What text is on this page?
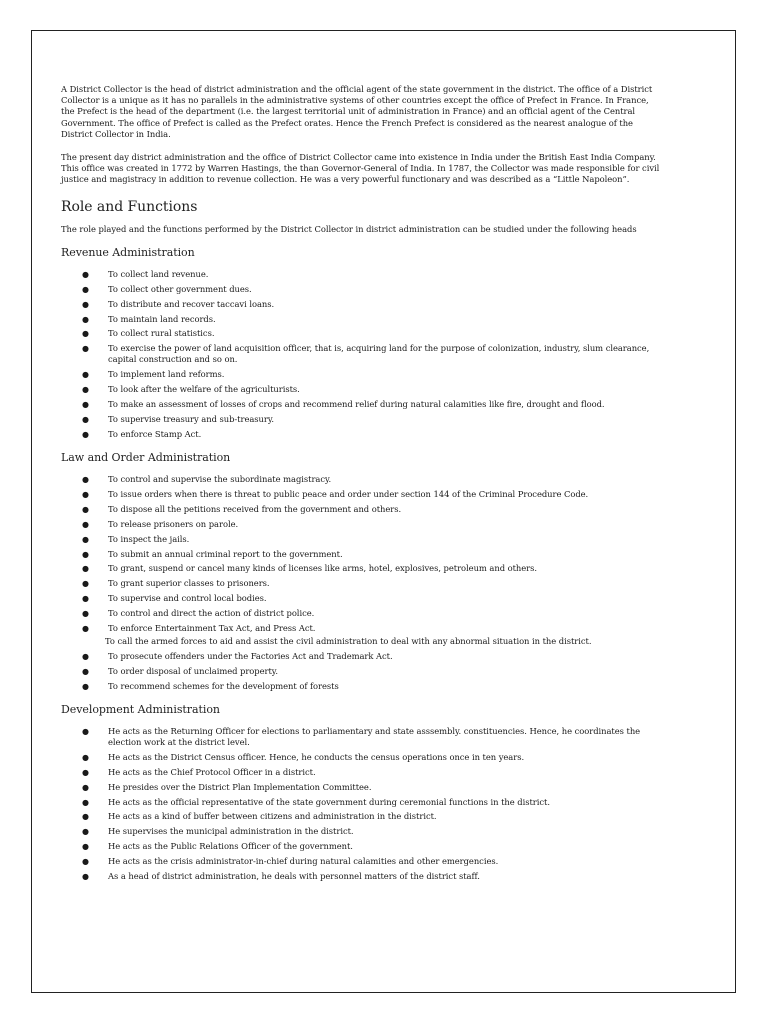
A District Collector is the head of district administration and the official agent of the state government in the district. The office of a District Collector is a unique as it has no parallels in the administrative systems of other countries except the office of Prefect in France. In France, the Prefect is the head of the department (i.e. the largest territorial unit of administration in France) and an official agent of the Central Government. The office of Prefect is called as the Prefect orates. Hence the French Prefect is considered as the nearest analogue of the District Collector in India.

The present day district administration and the office of District Collector came into existence in India under the British East India Company. This office was created in 1772 by Warren Hastings, the than Governor-General of India. In 1787, the Collector was made responsible for civil justice and magistracy in addition to revenue collection. He was a very powerful functionary and was described as a “Little Napoleon”.

Role and Functions

The role played and the functions performed by the District Collector in district administration can be studied under the following heads

Revenue Administration
● To collect land revenue.
● To collect other government dues.
● To distribute and recover taccavi loans.
● To maintain land records.
● To collect rural statistics.
● To exercise the power of land acquisition officer, that is, acquiring land for the purpose of colonization, industry, slum clearance, capital construction and so on.
● To implement land reforms.
● To look after the welfare of the agriculturists.
● To make an assessment of losses of crops and recommend relief during natural calamities like fire, drought and flood.
● To supervise treasury and sub-treasury.
● To enforce Stamp Act.
Law and Order Administration
● To control and supervise the subordinate magistracy.
● To issue orders when there is threat to public peace and order under section 144 of the Criminal Procedure Code.
● To dispose all the petitions received from the government and others.
● To release prisoners on parole.
● To inspect the jails.
● To submit an annual criminal report to the government.
● To grant, suspend or cancel many kinds of licenses like arms, hotel, explosives, petroleum and others.
● To grant superior classes to prisoners.
● To supervise and control local bodies.
● To control and direct the action of district police.
● To enforce Entertainment Tax Act, and Press Act.
To call the armed forces to aid and assist the civil administration to deal with any abnormal situation in the district.
● To prosecute offenders under the Factories Act and Trademark Act.
● To order disposal of unclaimed property.
● To recommend schemes for the development of forests
Development Administration
● He acts as the Returning Officer for elections to parliamentary and state asssembly. constituencies. Hence, he coordinates the election work at the district level.
● He acts as the District Census officer. Hence, he conducts the census operations once in ten years.
● He acts as the Chief Protocol Officer in a district.
● He presides over the District Plan Implementation Committee.
● He acts as the official representative of the state government during ceremonial functions in the district.
● He acts as a kind of buffer between citizens and administration in the district.
● He supervises the municipal administration in the district.
● He acts as the Public Relations Officer of the government.
● He acts as the crisis administrator-in-chief during natural calamities and other emergencies.
● As a head of district administration, he deals with personnel matters of the district staff.
